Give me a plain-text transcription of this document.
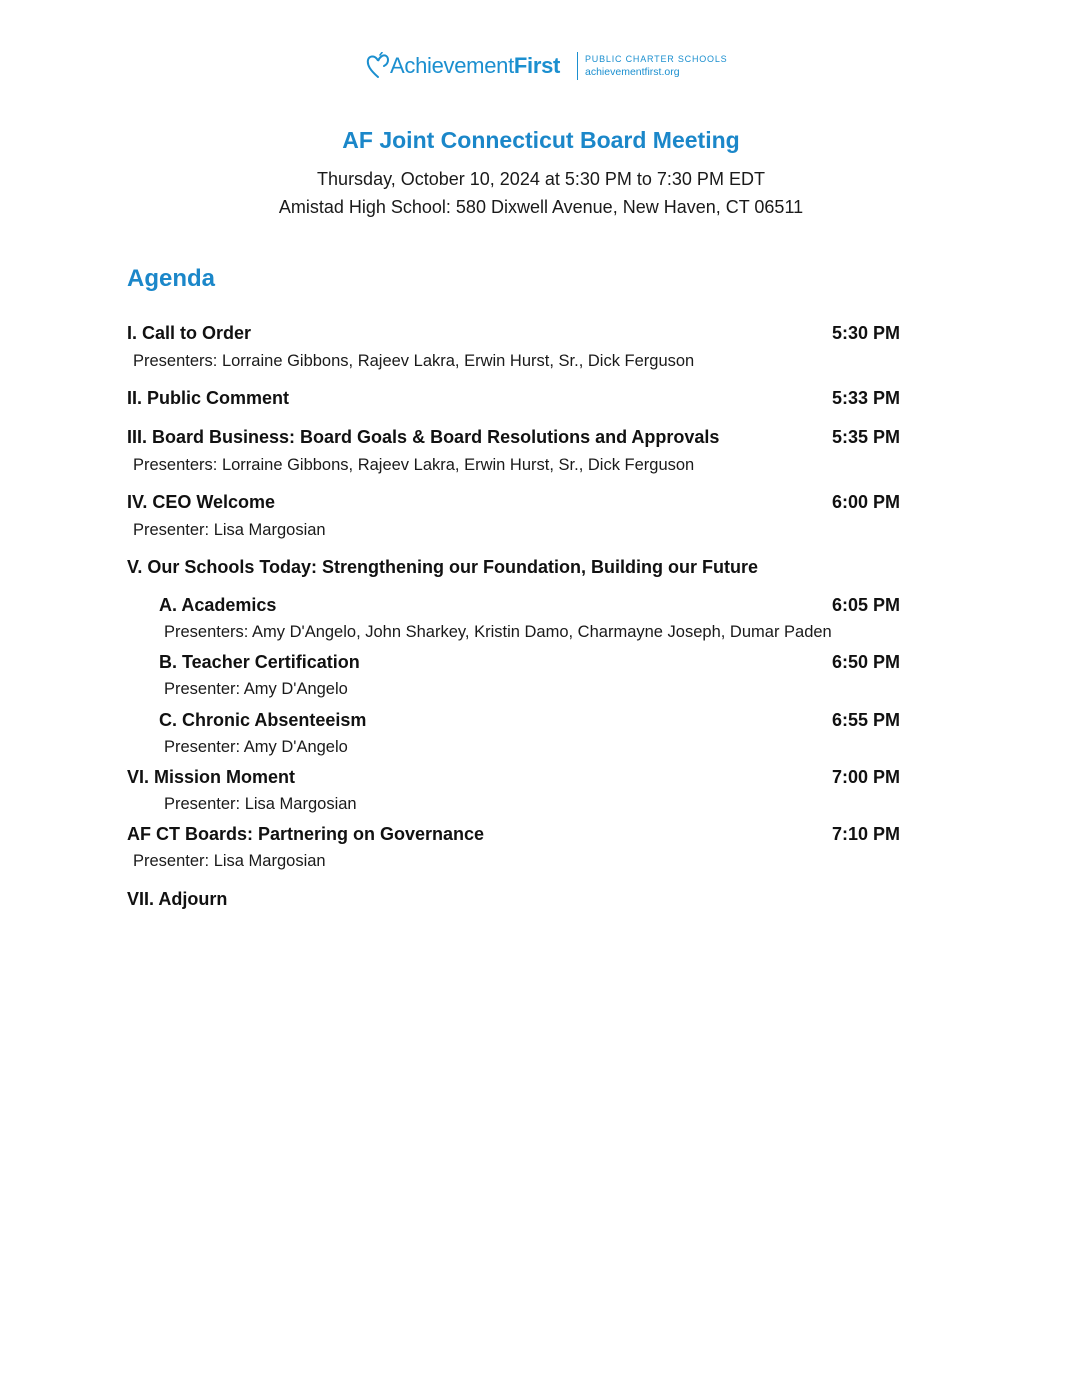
AchievementFirst	PUBLIC CHARTER SCHOOLS
achievementfirst.org
AF Joint Connecticut Board Meeting
Thursday, October 10, 2024 at 5:30 PM to 7:30 PM EDT
Amistad High School: 580 Dixwell Avenue, New Haven, CT 06511
Agenda
I. Call to Order	5:30 PM
Presenters: Lorraine Gibbons, Rajeev Lakra, Erwin Hurst, Sr., Dick Ferguson
II. Public Comment	5:33 PM
III. Board Business: Board Goals & Board Resolutions and Approvals	5:35 PM
Presenters: Lorraine Gibbons, Rajeev Lakra, Erwin Hurst, Sr., Dick Ferguson
IV. CEO Welcome	6:00 PM
Presenter: Lisa Margosian
V. Our Schools Today: Strengthening our Foundation, Building our Future
A. Academics	6:05 PM
Presenters: Amy D'Angelo, John Sharkey, Kristin Damo, Charmayne Joseph, Dumar Paden
B. Teacher Certification	6:50 PM
Presenter: Amy D'Angelo
C. Chronic Absenteeism	6:55 PM
Presenter: Amy D'Angelo
VI. Mission Moment	7:00 PM
Presenter: Lisa Margosian
AF CT Boards: Partnering on Governance	7:10 PM
Presenter: Lisa Margosian
VII. Adjourn
